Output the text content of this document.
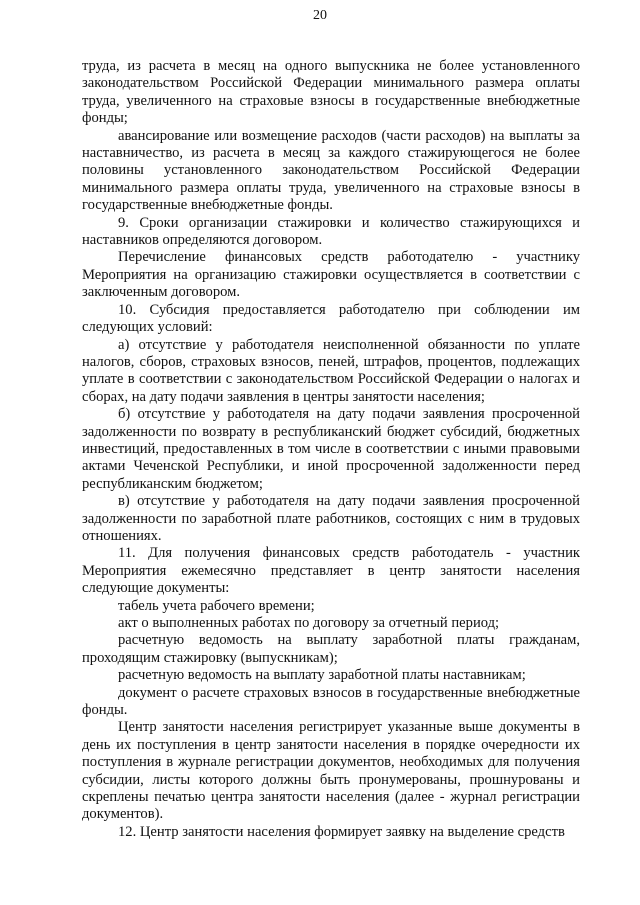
20

труда, из расчета в месяц на одного выпускника не более установленного законодательством Российской Федерации минимального размера оплаты труда, увеличенного на страховые взносы в государственные внебюджетные фонды;

авансирование или возмещение расходов (части расходов) на выплаты за наставничество, из расчета в месяц за каждого стажирующегося не более половины установленного законодательством Российской Федерации минимального размера оплаты труда, увеличенного на страховые взносы в государственные внебюджетные фонды.

9. Сроки организации стажировки и количество стажирующихся и наставников определяются договором.

Перечисление финансовых средств работодателю - участнику Мероприятия на организацию стажировки осуществляется в соответствии с заключенным договором.

10. Субсидия предоставляется работодателю при соблюдении им следующих условий:

а) отсутствие у работодателя неисполненной обязанности по уплате налогов, сборов, страховых взносов, пеней, штрафов, процентов, подлежащих уплате в соответствии с законодательством Российской Федерации о налогах и сборах, на дату подачи заявления в центры занятости населения;

б) отсутствие у работодателя на дату подачи заявления просроченной задолженности по возврату в республиканский бюджет субсидий, бюджетных инвестиций, предоставленных в том числе в соответствии с иными правовыми актами Чеченской Республики, и иной просроченной задолженности перед республиканским бюджетом;

в) отсутствие у работодателя на дату подачи заявления просроченной задолженности по заработной плате работников, состоящих с ним в трудовых отношениях.

11. Для получения финансовых средств работодатель - участник Мероприятия ежемесячно представляет в центр занятости населения следующие документы:

табель учета рабочего времени;

акт о выполненных работах по договору за отчетный период;

расчетную ведомость на выплату заработной платы гражданам, проходящим стажировку (выпускникам);

расчетную ведомость на выплату заработной платы наставникам;

документ о расчете страховых взносов в государственные внебюджетные фонды.

Центр занятости населения регистрирует указанные выше документы в день их поступления в центр занятости населения в порядке очередности их поступления в журнале регистрации документов, необходимых для получения субсидии, листы которого должны быть пронумерованы, прошнурованы и скреплены печатью центра занятости населения (далее - журнал регистрации документов).

12. Центр занятости населения формирует заявку на выделение средств
